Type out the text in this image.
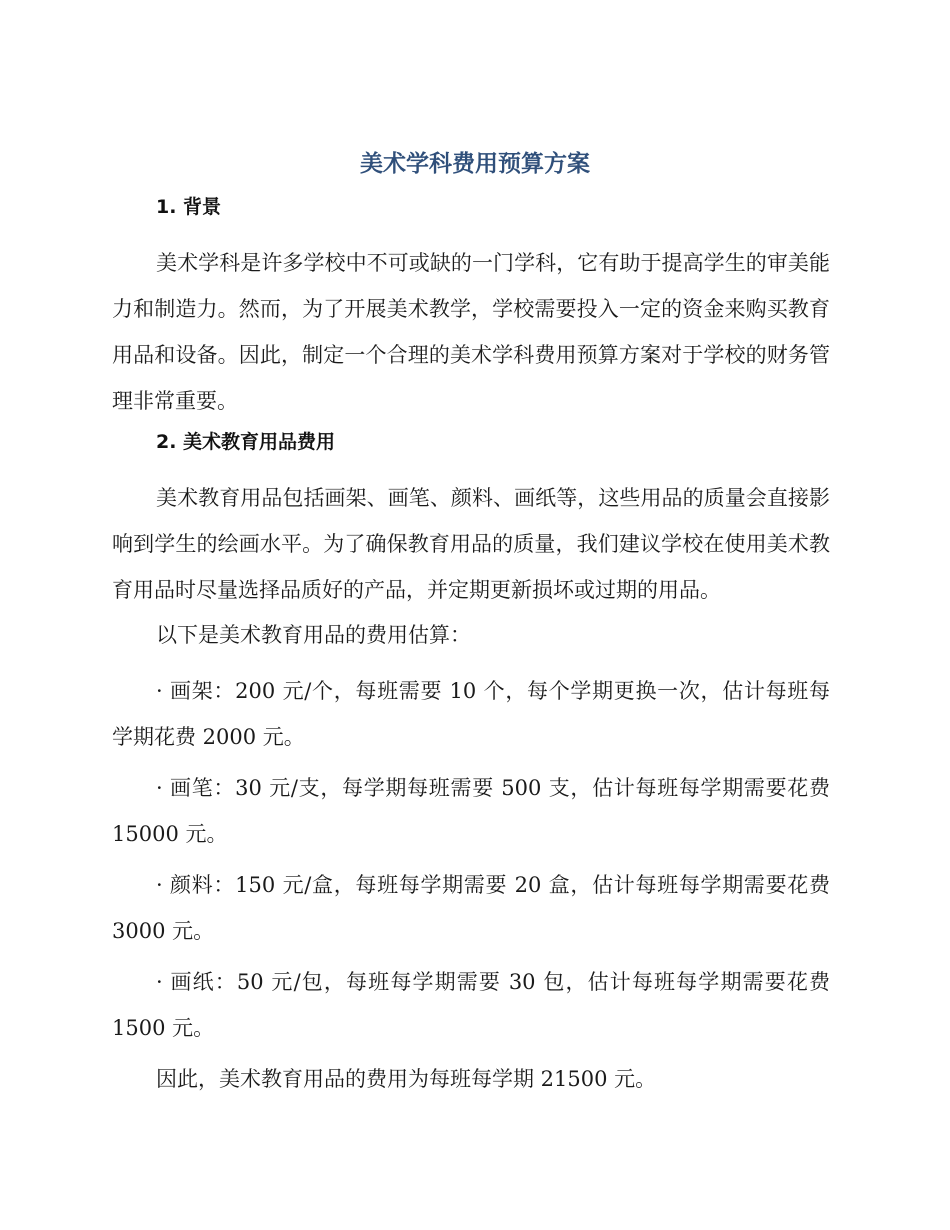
美术学科费用预算方案
1. 背景

美术学科是许多学校中不可或缺的一门学科，它有助于提高学生的审美能力和制造力。然而，为了开展美术教学，学校需要投入一定的资金来购买教育用品和设备。因此，制定一个合理的美术学科费用预算方案对于学校的财务管理非常重要。

2. 美术教育用品费用

美术教育用品包括画架、画笔、颜料、画纸等，这些用品的质量会直接影响到学生的绘画水平。为了确保教育用品的质量，我们建议学校在使用美术教育用品时尽量选择品质好的产品，并定期更新损坏或过期的用品。

以下是美术教育用品的费用估算：

· 画架：200 元/个，每班需要 10 个，每个学期更换一次，估计每班每学期花费 2000 元。

· 画笔：30 元/支，每学期每班需要 500 支，估计每班每学期需要花费 15000 元。

· 颜料：150 元/盒，每班每学期需要 20 盒，估计每班每学期需要花费 3000 元。

· 画纸：50 元/包，每班每学期需要 30 包，估计每班每学期需要花费 1500 元。

因此，美术教育用品的费用为每班每学期 21500 元。
